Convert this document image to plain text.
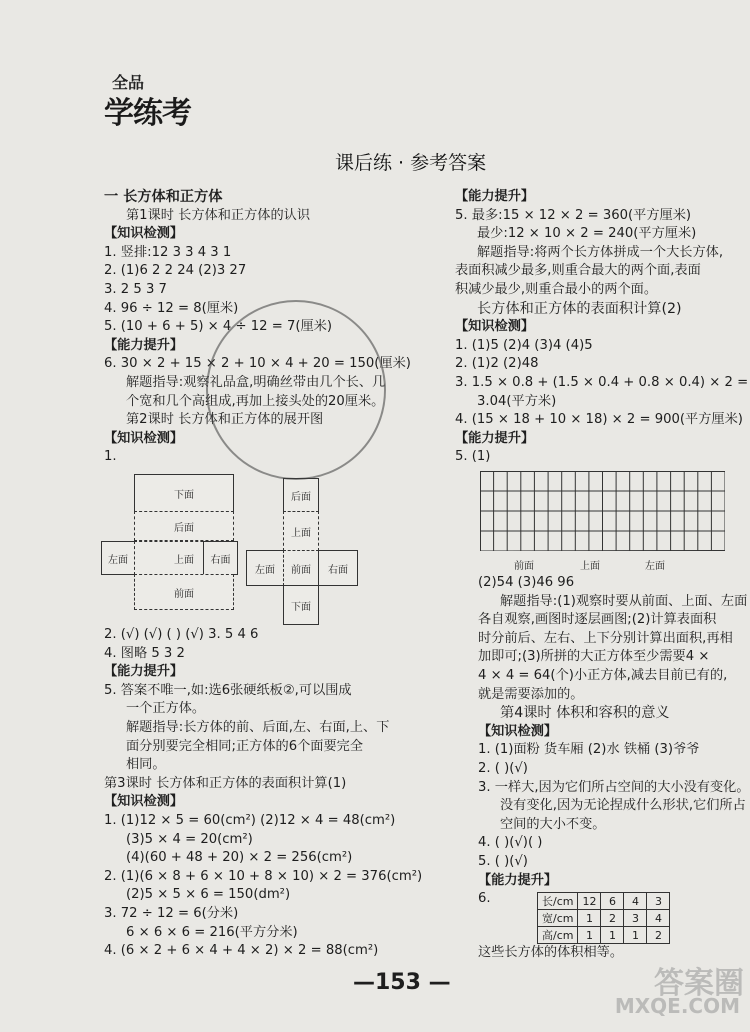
全品
学练考
课后练 · 参考答案
一 长方体和正方体
第1课时 长方体和正方体的认识
【知识检测】
1. 竖排:12 3 3 4 3 1
2. (1)6 2 2 24 (2)3 27
3. 2 5 3 7
4. 96 ÷ 12 = 8(厘米)
5. (10 + 6 + 5) × 4 ÷ 12 = 7(厘米)
【能力提升】
6. 30 × 2 + 15 × 2 + 10 × 4 + 20 = 150(厘米)
解题指导:观察礼品盒,明确丝带由几个长、几
个宽和几个高组成,再加上接头处的20厘米。
第2课时 长方体和正方体的展开图
【知识检测】
1.
2. (√) (√) ( ) (√) 3. 5 4 6
4. 图略 5 3 2
【能力提升】
5. 答案不唯一,如:选6张硬纸板②,可以围成
一个正方体。
解题指导:长方体的前、后面,左、右面,上、下
面分别要完全相同;正方体的6个面要完全
相同。
第3课时 长方体和正方体的表面积计算(1)
【知识检测】
1. (1)12 × 5 = 60(cm²) (2)12 × 4 = 48(cm²)
(3)5 × 4 = 20(cm²)
(4)(60 + 48 + 20) × 2 = 256(cm²)
2. (1)(6 × 8 + 6 × 10 + 8 × 10) × 2 = 376(cm²)
(2)5 × 5 × 6 = 150(dm²)
3. 72 ÷ 12 = 6(分米)
6 × 6 × 6 = 216(平方分米)
4. (6 × 2 + 6 × 4 + 4 × 2) × 2 = 88(cm²)
【能力提升】
5. 最多:15 × 12 × 2 = 360(平方厘米)
最少:12 × 10 × 2 = 240(平方厘米)
解题指导:将两个长方体拼成一个大长方体,
表面积减少最多,则重合最大的两个面,表面
积减少最少,则重合最小的两个面。
长方体和正方体的表面积计算(2)
【知识检测】
1. (1)5 (2)4 (3)4 (4)5
2. (1)2 (2)48
3. 1.5 × 0.8 + (1.5 × 0.4 + 0.8 × 0.4) × 2 =
3.04(平方米)
4. (15 × 18 + 10 × 18) × 2 = 900(平方厘米)
【能力提升】
5. (1)
(2)54 (3)46 96
解题指导:(1)观察时要从前面、上面、左面
各自观察,画图时逐层画图;(2)计算表面积
时分前后、左右、上下分别计算出面积,再相
加即可;(3)所拼的大正方体至少需要4 ×
4 × 4 = 64(个)小正方体,减去目前已有的,
就是需要添加的。
第4课时 体积和容积的意义
【知识检测】
1. (1)面粉 货车厢 (2)水 铁桶 (3)爷爷
2. ( )(√)
3. 一样大,因为它们所占空间的大小没有变化。
没有变化,因为无论捏成什么形状,它们所占
空间的大小不变。
4. ( )(√)( )
5. ( )(√)
【能力提升】
6.
下面
后面
左面	上面	右面
前面
后面
上面
左面	前面	右面
下面
前面	上面	左面
长/cm	12	6	4	3
宽/cm	1	2	3	4
高/cm	1	1	1	2
这些长方体的体积相等。
—153 —	答案圈
MXQE.COM
